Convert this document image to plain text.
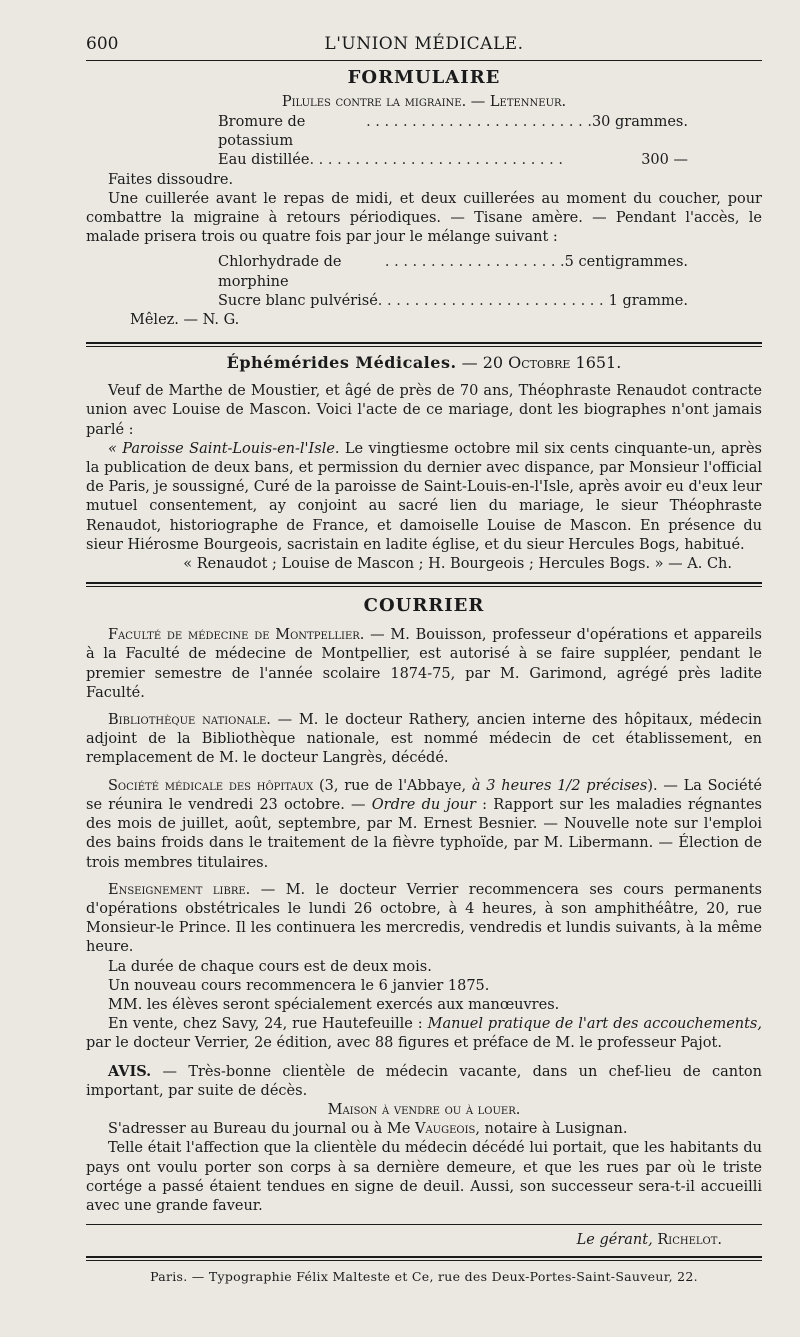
600	L'UNION MÉDICALE.
FORMULAIRE
Pilules contre la migraine. — Letenneur.
Bromure de potassium
. . . . . . . . . . . . . . . . . . . . . . . . . 30 grammes.
Eau distillée . . . . . . . . . . . . . . . . . . . . . . . . . . . .	300 —

Faites dissoudre.

Une cuillerée avant le repas de midi, et deux cuillerées au moment du coucher, pour combattre la migraine à retours périodiques. — Tisane amère. — Pendant l'accès, le malade prisera trois ou quatre fois par jour le mélange suivant :

Chlorhydrade de morphine
. . . . . . . . . . . . . . . . . . . . 5 centigrammes.
Sucre blanc pulvérisé . . . . . . . . . . . . . . . . . . . . . . . . . 1 gramme.

Mêlez. — N. G.

Éphémérides Médicales. — 20 Octobre 1651.

Veuf de Marthe de Moustier, et âgé de près de 70 ans, Théophraste Renaudot contracte union avec Louise de Mascon. Voici l'acte de ce mariage, dont les biographes n'ont jamais parlé :

« Paroisse Saint-Louis-en-l'Isle. Le vingtiesme octobre mil six cents cinquante-un, après la publication de deux bans, et permission du dernier avec dispance, par Monsieur l'official de Paris, je soussigné, Curé de la paroisse de Saint-Louis-en-l'Isle, après avoir eu d'eux leur mutuel consentement, ay conjoint au sacré lien du mariage, le sieur Théophraste Renaudot, historiographe de France, et damoiselle Louise de Mascon. En présence du sieur Hiérosme Bourgeois, sacristain en ladite église, et du sieur Hercules Bogs, habitué.

« Renaudot ; Louise de Mascon ; H. Bourgeois ; Hercules Bogs. » — A. Ch.

COURRIER

Faculté de médecine de Montpellier. — M. Bouisson, professeur d'opérations et appareils à la Faculté de médecine de Montpellier, est autorisé à se faire suppléer, pendant le premier semestre de l'année scolaire 1874-75, par M. Garimond, agrégé près ladite Faculté.

Bibliothèque nationale. — M. le docteur Rathery, ancien interne des hôpitaux, médecin adjoint de la Bibliothèque nationale, est nommé médecin de cet établissement, en remplacement de M. le docteur Langrès, décédé.

Société médicale des hôpitaux (3, rue de l'Abbaye, à 3 heures 1/2 précises). — La Société se réunira le vendredi 23 octobre. — Ordre du jour : Rapport sur les maladies régnantes des mois de juillet, août, septembre, par M. Ernest Besnier. — Nouvelle note sur l'emploi des bains froids dans le traitement de la fièvre typhoïde, par M. Libermann. — Élection de trois membres titulaires.

Enseignement libre. — M. le docteur Verrier recommencera ses cours permanents d'opérations obstétricales le lundi 26 octobre, à 4 heures, à son amphithéâtre, 20, rue Monsieur-le Prince. Il les continuera les mercredis, vendredis et lundis suivants, à la même heure.

La durée de chaque cours est de deux mois.

Un nouveau cours recommencera le 6 janvier 1875.

MM. les élèves seront spécialement exercés aux manœuvres.

En vente, chez Savy, 24, rue Hautefeuille : Manuel pratique de l'art des accouchements, par le docteur Verrier, 2e édition, avec 88 figures et préface de M. le professeur Pajot.

AVIS. — Très-bonne clientèle de médecin vacante, dans un chef-lieu de canton important, par suite de décès.

Maison à vendre ou à louer.

S'adresser au Bureau du journal ou à Me Vaugeois, notaire à Lusignan.

Telle était l'affection que la clientèle du médecin décédé lui portait, que les habitants du pays ont voulu porter son corps à sa dernière demeure, et que les rues par où le triste cortége a passé étaient tendues en signe de deuil. Aussi, son successeur sera-t-il accueilli avec une grande faveur.

Le gérant, Richelot.

Paris. — Typographie Félix Malteste et Ce, rue des Deux-Portes-Saint-Sauveur, 22.
